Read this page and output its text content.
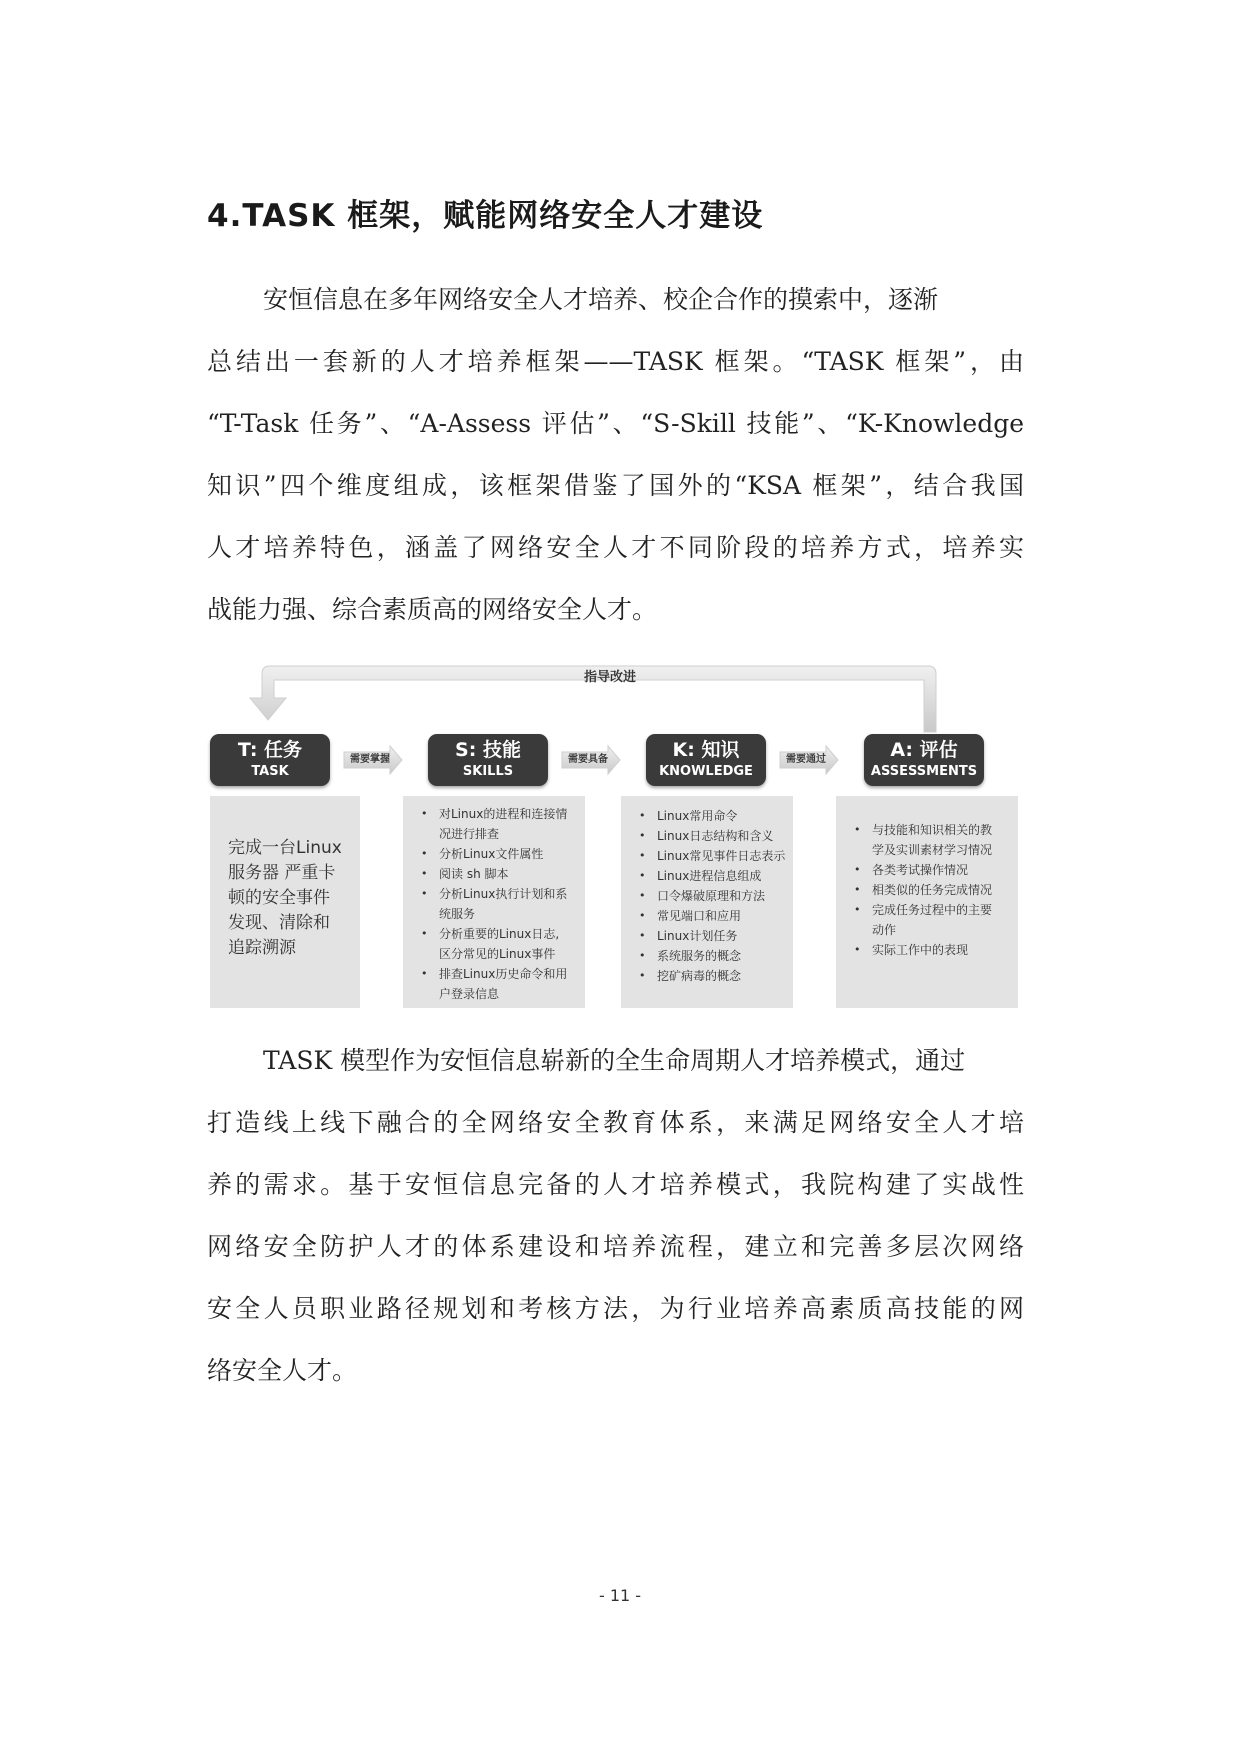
4.TASK 框架，赋能网络安全人才建设
安恒信息在多年网络安全人才培养、校企合作的摸索中，逐渐
总结出一套新的人才培养框架——TASK 框架。“TASK 框架”，由
“T-Task 任务”、“A-Assess 评估”、“S-Skill 技能”、“K-Knowledge
知识”四个维度组成，该框架借鉴了国外的“KSA 框架”，结合我国
人才培养特色，涵盖了网络安全人才不同阶段的培养方式，培养实
战能力强、综合素质高的网络安全人才。
指导改进
T: 任务
TASK
S: 技能
SKILLS
K: 知识
KNOWLEDGE
A: 评估
ASSESSMENTS
需要掌握	需要具备	需要通过
完成一台Linux
服务器 严重卡
顿的安全事件
发现、清除和
追踪溯源
• 对Linux的进程和连接情
况进行排查
• 分析Linux文件属性
• 阅读 sh 脚本
• 分析Linux执行计划和系
统服务
• 分析重要的Linux日志,
区分常见的Linux事件
• 排查Linux历史命令和用
户登录信息
• Linux常用命令
• Linux日志结构和含义
• Linux常见事件日志表示
• Linux进程信息组成
• 口令爆破原理和方法
• 常见端口和应用
• Linux计划任务
• 系统服务的概念
• 挖矿病毒的概念
• 与技能和知识相关的教
学及实训素材学习情况
• 各类考试操作情况
• 相类似的任务完成情况
• 完成任务过程中的主要
动作
• 实际工作中的表现
TASK 模型作为安恒信息崭新的全生命周期人才培养模式，通过
打造线上线下融合的全网络安全教育体系，来满足网络安全人才培
养的需求。基于安恒信息完备的人才培养模式，我院构建了实战性
网络安全防护人才的体系建设和培养流程，建立和完善多层次网络
安全人员职业路径规划和考核方法，为行业培养高素质高技能的网
络安全人才。
- 11 -
